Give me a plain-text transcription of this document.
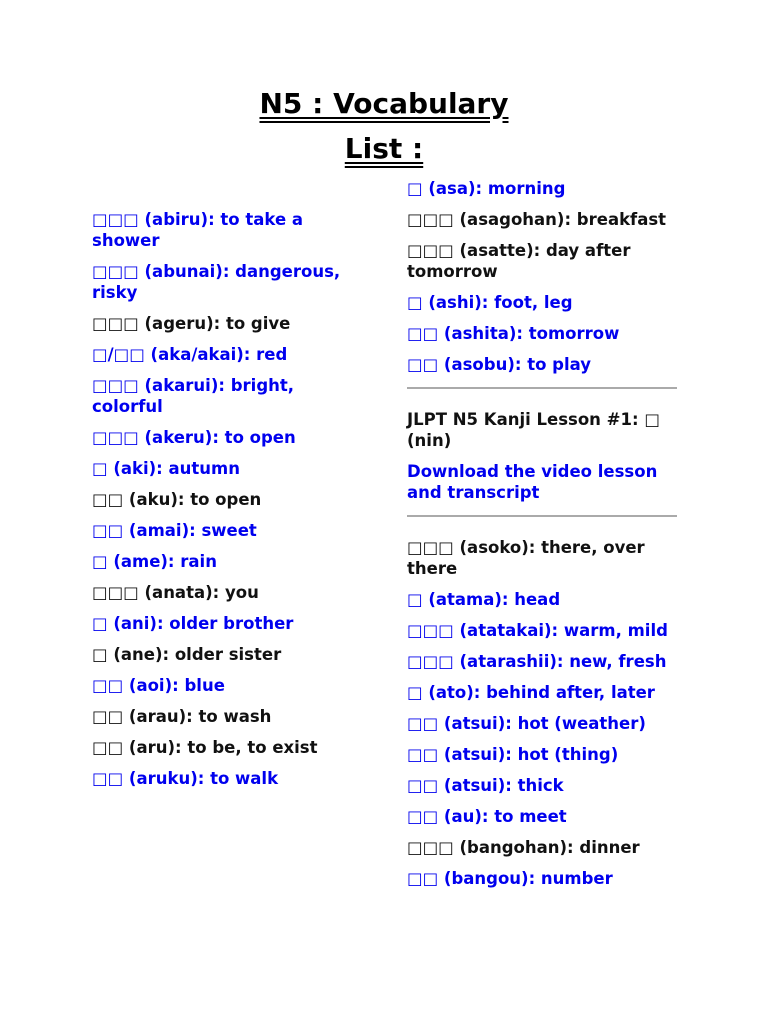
N5 : Vocabulary
List :
□□□ (abiru): to take a shower
□□□ (abunai): dangerous, risky
□□□ (ageru): to give
□/□□ (aka/akai): red
□□□ (akarui): bright, colorful
□□□ (akeru): to open
□ (aki): autumn
□□ (aku): to open
□□ (amai): sweet
□ (ame): rain
□□□ (anata): you
□ (ani): older brother
□ (ane): older sister
□□ (aoi): blue
□□ (arau): to wash
□□ (aru): to be, to exist
□□ (aruku): to walk
□ (asa): morning
□□□ (asagohan): breakfast
□□□ (asatte): day after tomorrow
□ (ashi): foot, leg
□□ (ashita): tomorrow
□□ (asobu): to play
JLPT N5 Kanji Lesson #1: □ (nin)
Download the video lesson and transcript
□□□ (asoko): there, over there
□ (atama): head
□□□ (atatakai): warm, mild
□□□ (atarashii): new, fresh
□ (ato): behind after, later
□□ (atsui): hot (weather)
□□ (atsui): hot (thing)
□□ (atsui): thick
□□ (au): to meet
□□□ (bangohan): dinner
□□ (bangou): number
